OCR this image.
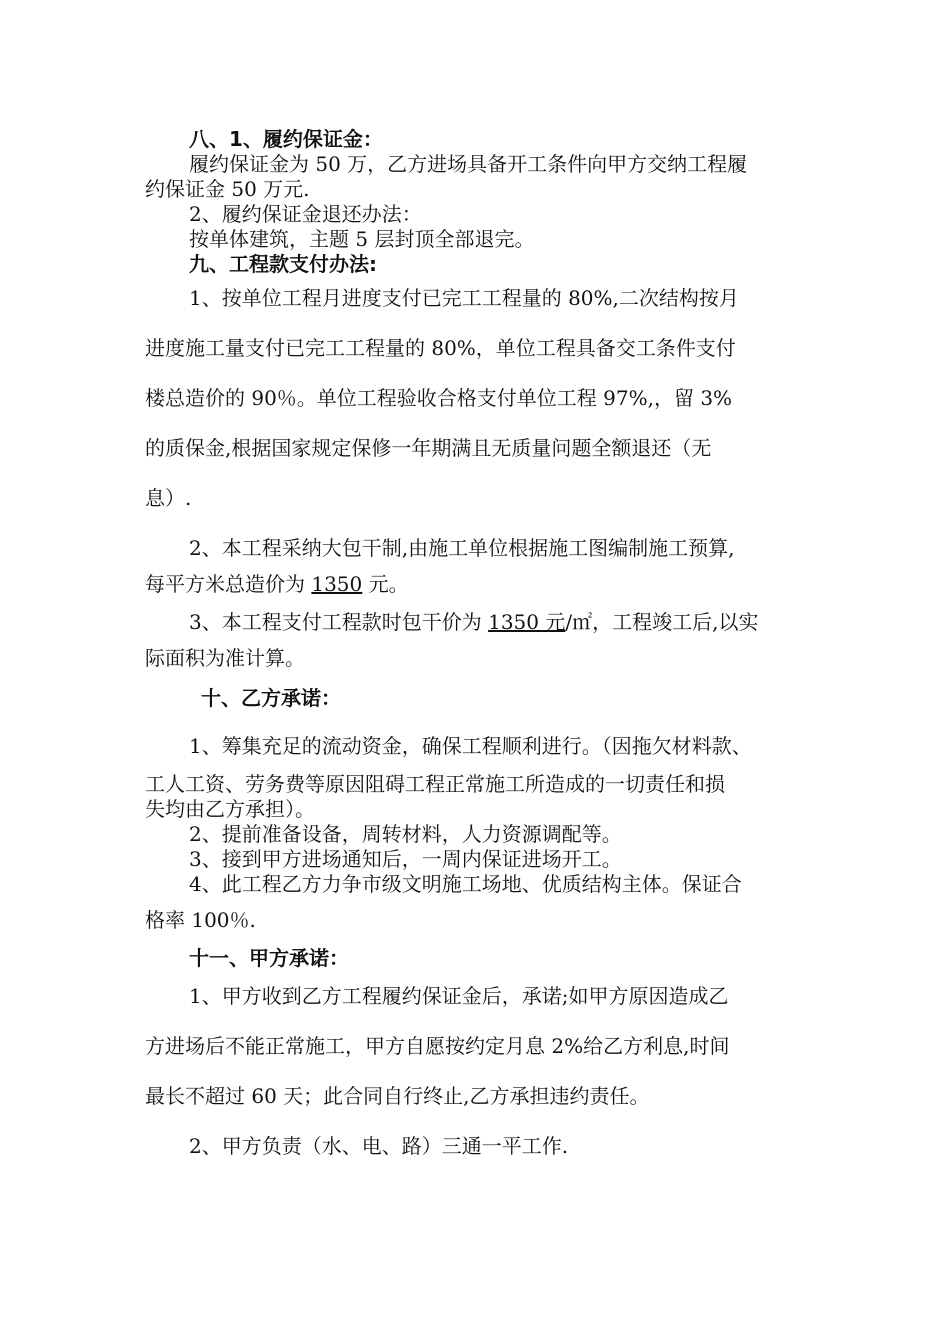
八、1、履约保证金：
履约保证金为 50 万，乙方进场具备开工条件向甲方交纳工程履
约保证金 50 万元.
2、履约保证金退还办法：
按单体建筑，主题 5 层封顶全部退完。
九、工程款支付办法:
1、按单位工程月进度支付已完工工程量的 80%,二次结构按月
进度施工量支付已完工工程量的 80%，单位工程具备交工条件支付
楼总造价的 90％。单位工程验收合格支付单位工程 97%,，留 3%
的质保金,根据国家规定保修一年期满且无质量问题全额退还（无
息）.
2、本工程采纳大包干制,由施工单位根据施工图编制施工预算,
每平方米总造价为 1350 元。
3、本工程支付工程款时包干价为 1350 元/㎡，工程竣工后,以实
际面积为准计算。
十、乙方承诺：
1、筹集充足的流动资金，确保工程顺利进行。（因拖欠材料款、
工人工资、劳务费等原因阻碍工程正常施工所造成的一切责任和损
失均由乙方承担）。
2、提前准备设备，周转材料，人力资源调配等。
3、接到甲方进场通知后，一周内保证进场开工。
4、此工程乙方力争市级文明施工场地、优质结构主体。保证合
格率 100％.
十一、甲方承诺：
1、甲方收到乙方工程履约保证金后，承诺;如甲方原因造成乙
方进场后不能正常施工，甲方自愿按约定月息 2%给乙方利息,时间
最长不超过 60 天；此合同自行终止,乙方承担违约责任。
2、甲方负责（水、电、路）三通一平工作.
